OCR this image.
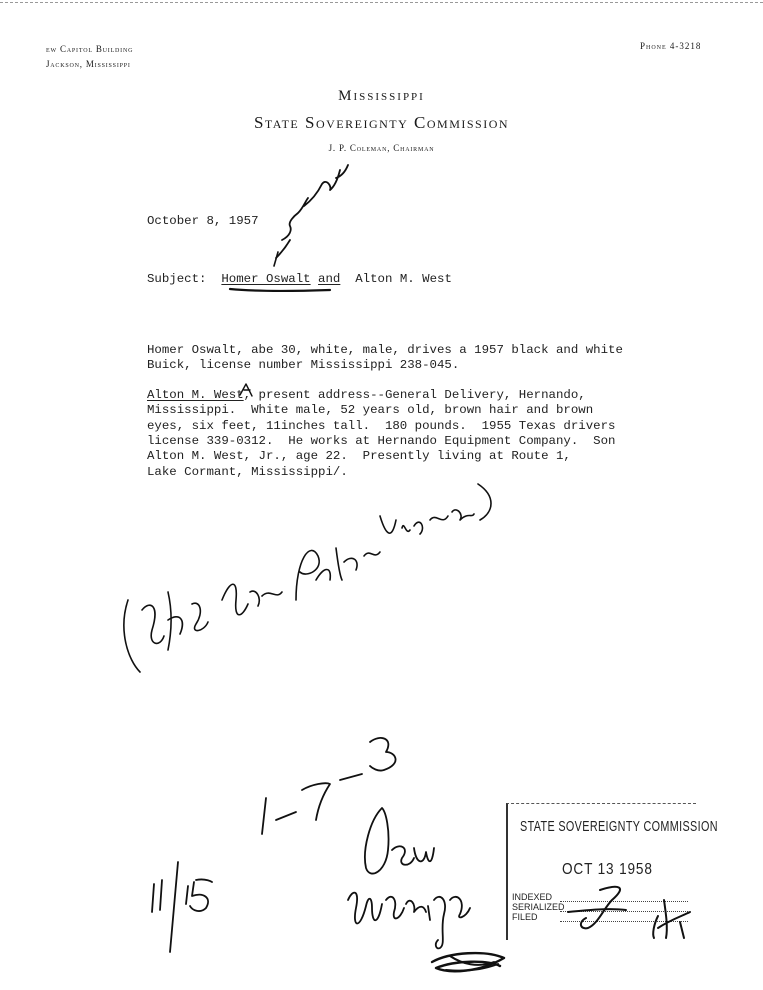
ew Capitol Building
Jackson, Mississippi
Phone 4-3218
Mississippi
State Sovereignty Commission
J. P. Coleman, Chairman
October 8, 1957
Subject: Homer Oswalt and Alton M. West
Homer Oswalt, abe 30, white, male, drives a 1957 black and white
Buick, license number Mississippi 238-045.
Alton M. West, present address--General Delivery, Hernando,
Mississippi.  White male, 52 years old, brown hair and brown
eyes, six feet, 11inches tall.  180 pounds.  1955 Texas drivers
license 339-0312.  He works at Hernando Equipment Company.  Son
Alton M. West, Jr., age 22.  Presently living at Route 1,
Lake Cormant, Mississippi/.
STATE SOVEREIGNTY COMMISSION
OCT 13 1958
INDEXED
SERIALIZED
FILED
